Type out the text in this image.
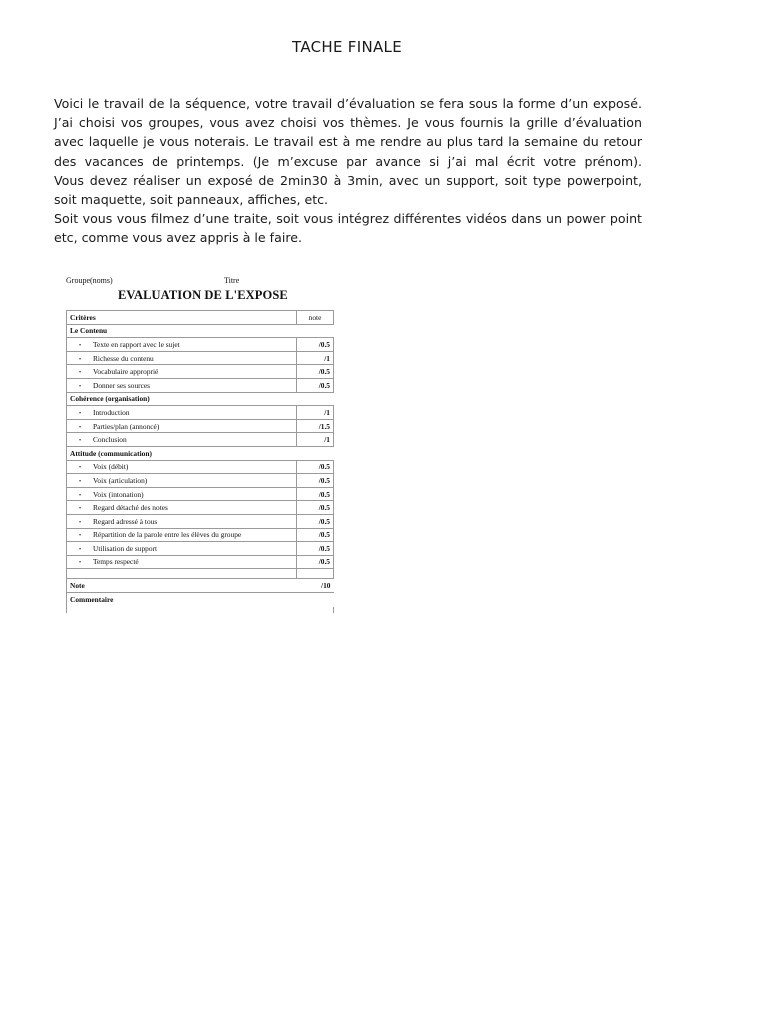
TACHE FINALE

Voici le travail de la séquence, votre travail d’évaluation se fera sous la forme d’un exposé. J’ai choisi vos groupes, vous avez choisi vos thèmes. Je vous fournis la grille d’évaluation avec laquelle je vous noterais. Le travail est à me rendre au plus tard la semaine du retour des vacances de printemps. (Je m’excuse par avance si j’ai mal écrit votre prénom).

Vous devez réaliser un exposé de 2min30 à 3min, avec un support, soit type powerpoint, soit maquette, soit panneaux, affiches, etc.

Soit vous vous filmez d’une traite, soit vous intégrez différentes vidéos dans un power point etc, comme vous avez appris à le faire.

Groupe(noms)	Titre
EVALUATION DE L'EXPOSE
Critères	note
Le Contenu	
• Texte en rapport avec le sujet	/0.5
• Richesse du contenu	/1
• Vocabulaire approprié	/0.5
• Donner ses sources	/0.5
Cohérence (organisation)	
• Introduction	/1
• Parties/plan (annoncé)	/1.5
• Conclusion	/1
Attitude (communication)	
• Voix (débit)	/0.5
• Voix (articulation)	/0.5
• Voix (intonation)	/0.5
• Regard détaché des notes	/0.5
• Regard adressé à tous	/0.5
• Répartition de la parole entre les élèves du groupe	/0.5
• Utilisation de support	/0.5
• Temps respecté	/0.5

Note	/10
Commentaire	
